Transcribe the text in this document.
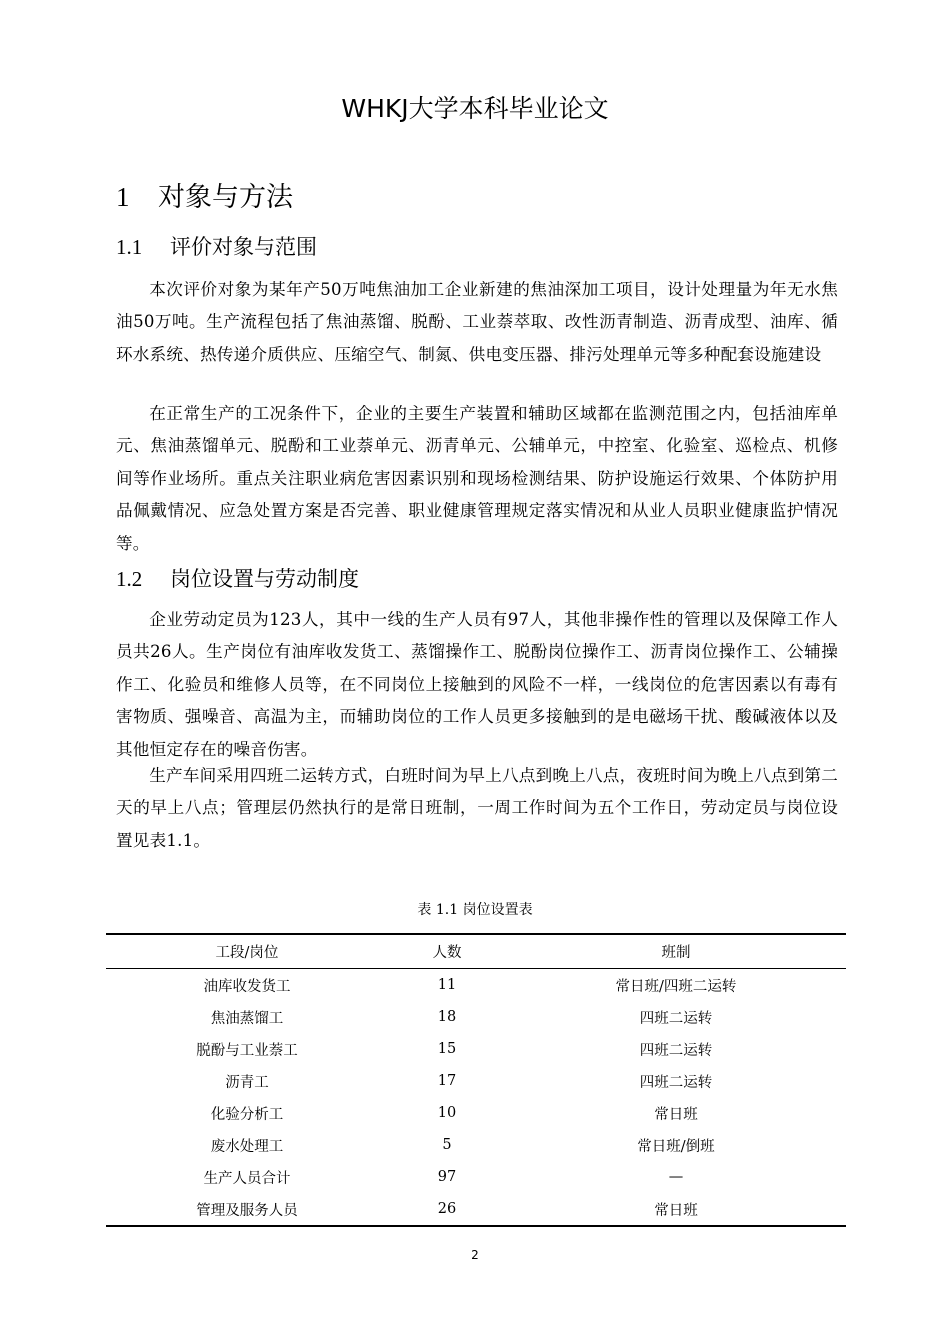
WHKJ大学本科毕业论文
1 对象与方法
1.1 评价对象与范围

本次评价对象为某年产50万吨焦油加工企业新建的焦油深加工项目，设计处理量为年无水焦油50万吨。生产流程包括了焦油蒸馏、脱酚、工业萘萃取、改性沥青制造、沥青成型、油库、循环水系统、热传递介质供应、压缩空气、制氮、供电变压器、排污处理单元等多种配套设施建设

在正常生产的工况条件下，企业的主要生产装置和辅助区域都在监测范围之内，包括油库单元、焦油蒸馏单元、脱酚和工业萘单元、沥青单元、公辅单元，中控室、化验室、巡检点、机修间等作业场所。重点关注职业病危害因素识别和现场检测结果、防护设施运行效果、个体防护用品佩戴情况、应急处置方案是否完善、职业健康管理规定落实情况和从业人员职业健康监护情况等。

1.2 岗位设置与劳动制度

企业劳动定员为123人，其中一线的生产人员有97人，其他非操作性的管理以及保障工作人员共26人。生产岗位有油库收发货工、蒸馏操作工、脱酚岗位操作工、沥青岗位操作工、公辅操作工、化验员和维修人员等，在不同岗位上接触到的风险不一样，一线岗位的危害因素以有毒有害物质、强噪音、高温为主，而辅助岗位的工作人员更多接触到的是电磁场干扰、酸碱液体以及其他恒定存在的噪音伤害。

生产车间采用四班二运转方式，白班时间为早上八点到晚上八点，夜班时间为晚上八点到第二天的早上八点；管理层仍然执行的是常日班制，一周工作时间为五个工作日，劳动定员与岗位设置见表1.1。

表 1.1 岗位设置表
工段/岗位	人数	班制
油库收发货工	11	常日班/四班二运转
焦油蒸馏工	18	四班二运转
脱酚与工业萘工	15	四班二运转
沥青工	17	四班二运转
化验分析工	10	常日班
废水处理工	5	常日班/倒班
生产人员合计	97	—
管理及服务人员	26	常日班
2
